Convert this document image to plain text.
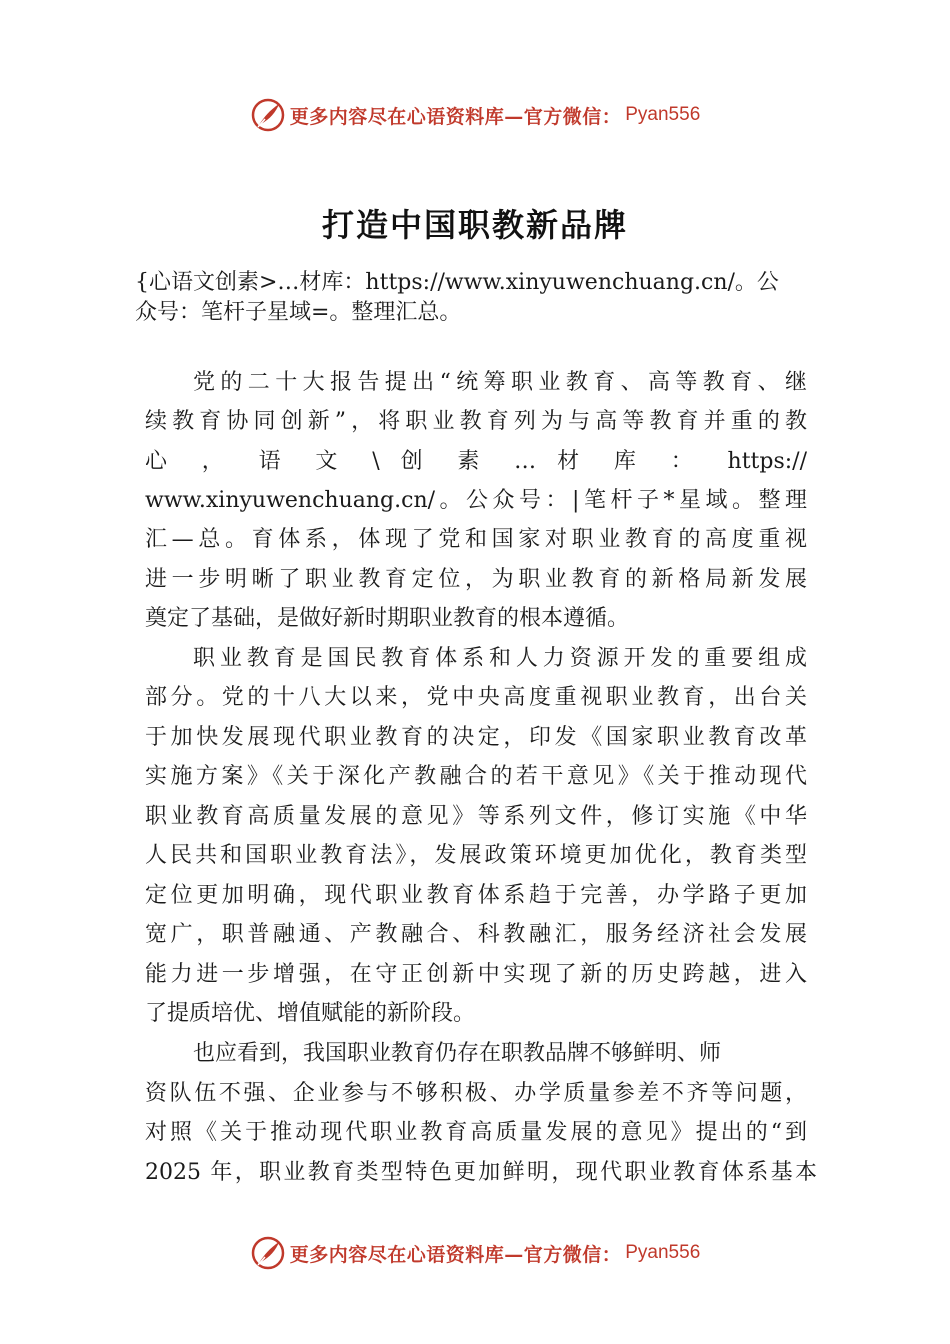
更多内容尽在心语资料库—官方微信： Pyan556
打造中国职教新品牌
{心语文创素>…材库：https://www.xinyuwenchuang.cn/。公
众号：笔杆子星域=。整理汇总。
党的二十大报告提出“统筹职业教育、高等教育、继
续教育协同创新”，将职业教育列为与高等教育并重的教
心 ， 语 文 \ 创 素 … 材 库 ： https://
www.xinyuwenchuang.cn/。公众号：|笔杆子*星域。整理
汇—总。育体系，体现了党和国家对职业教育的高度重视
进一步明晰了职业教育定位，为职业教育的新格局新发展
奠定了基础，是做好新时期职业教育的根本遵循。
职业教育是国民教育体系和人力资源开发的重要组成
部分。党的十八大以来，党中央高度重视职业教育，出台关
于加快发展现代职业教育的决定，印发《国家职业教育改革
实施方案》《关于深化产教融合的若干意见》《关于推动现代
职业教育高质量发展的意见》等系列文件，修订实施《中华
人民共和国职业教育法》，发展政策环境更加优化，教育类型
定位更加明确，现代职业教育体系趋于完善，办学路子更加
宽广，职普融通、产教融合、科教融汇，服务经济社会发展
能力进一步增强，在守正创新中实现了新的历史跨越，进入
了提质培优、增值赋能的新阶段。
也应看到，我国职业教育仍存在职教品牌不够鲜明、师
资队伍不强、企业参与不够积极、办学质量参差不齐等问题，
对照《关于推动现代职业教育高质量发展的意见》提出的“到
2025 年，职业教育类型特色更加鲜明，现代职业教育体系基本
更多内容尽在心语资料库—官方微信： Pyan556
